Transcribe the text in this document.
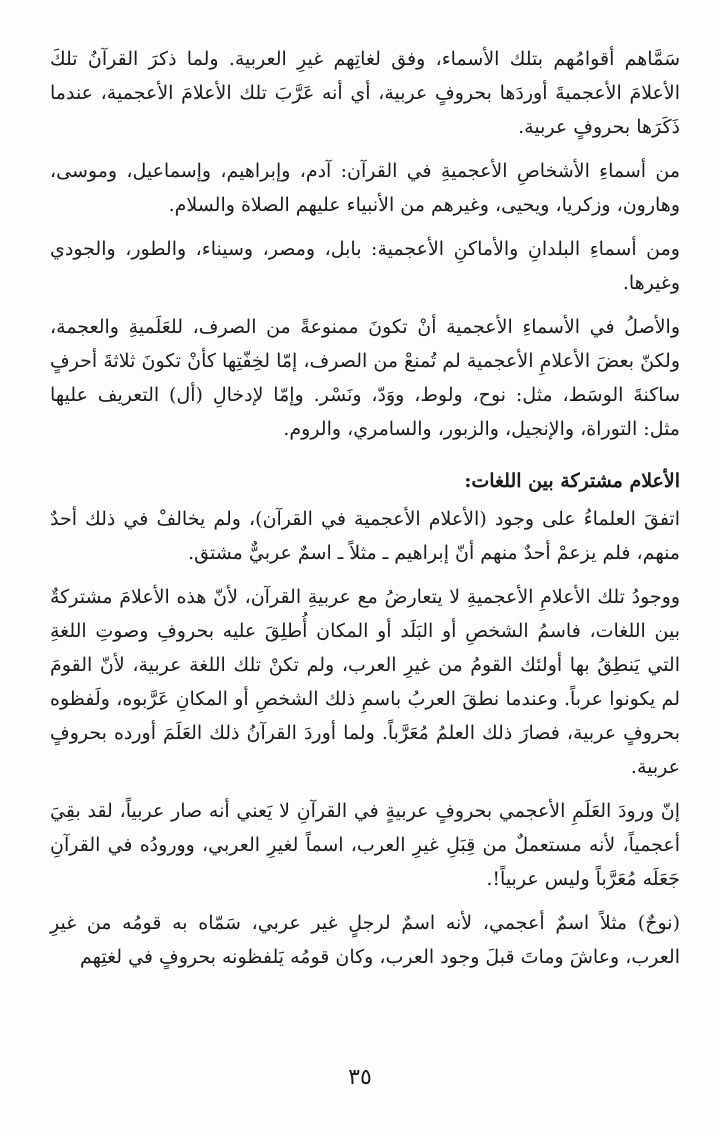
سَمَّاهم أقوامُهم بتلك الأسماء، وفق لغاتِهم غيرِ العربية. ولما ذكرَ القرآنُ تلكَ الأعلامَ الأعجميةَ أوردَها بحروفٍ عربية، أي أنه عَرَّبَ تلك الأعلامَ الأعجمية، عندما ذَكَرَها بحروفٍ عربية.

من أسماءِ الأشخاصِ الأعجميةِ في القرآن: آدم، وإبراهيم، وإسماعيل، وموسى، وهارون، وزكريا، ويحيى، وغيرهم من الأنبياء عليهم الصلاة والسلام.

ومن أسماءِ البلدانِ والأماكنِ الأعجمية: بابل، ومصر، وسيناء، والطور، والجودي وغيرها.

والأصلُ في الأسماءِ الأعجمية أنْ تكونَ ممنوعةً من الصرف، للعَلَميةِ والعجمة، ولكنّ بعضَ الأعلامِ الأعجمية لم تُمنعْ من الصرف، إمّا لخِفّتِها كأنْ تكونَ ثلاثةَ أحرفٍ ساكنةَ الوسَط، مثل: نوح، ولوط، ووَدّ، ونَسْر. وإمّا لإدخالِ (أل) التعريف عليها مثل: التوراة، والإنجيل، والزبور، والسامري، والروم.

الأعلام مشتركة بين اللغات:

اتفقَ العلماءُ على وجود (الأعلام الأعجمية في القرآن)، ولم يخالفْ في ذلك أحدٌ منهم، فلم يزعمْ أحدٌ منهم أنّ إبراهيم ـ مثلاً ـ اسمٌ عربيٌّ مشتق.

ووجودُ تلك الأعلامِ الأعجميةِ لا يتعارضُ مع عربيةِ القرآن، لأنّ هذه الأعلامَ مشتركةٌ بين اللغات، فاسمُ الشخصِ أو البَلَد أو المكان أُطلِقَ عليه بحروفِ وصوتِ اللغةِ التي يَنطِقُ بها أولئك القومُ من غيرِ العرب، ولم تكنْ تلك اللغة عربية، لأنّ القومَ لم يكونوا عرباً. وعندما نطقَ العربُ باسمِ ذلك الشخصِ أو المكانِ عَرَّبوه، ولَفظوه بحروفٍ عربية، فصارَ ذلك العلمُ مُعَرَّباً. ولما أوردَ القرآنُ ذلك العَلَمَ أورده بحروفٍ عربية.

إنّ ورودَ العَلَمِ الأعجمي بحروفٍ عربيةٍ في القرآنِ لا يَعني أنه صار عربياً، لقد بقِيَ أعجمياً، لأنه مستعملٌ من قِبَلِ غيرِ العرب، اسماً لغيرِ العربي، وورودُه في القرآنِ جَعَلَه مُعَرَّباً وليس عربياً!.

(نوحٌ) مثلاً اسمٌ أعجمي، لأنه اسمٌ لرجلٍ غير عربي، سَمّاه به قومُه من غيرِ العرب، وعاشَ وماتَ قبلَ وجود العرب، وكان قومُه يَلفظونه بحروفٍ في لغتِهم

٣٥
